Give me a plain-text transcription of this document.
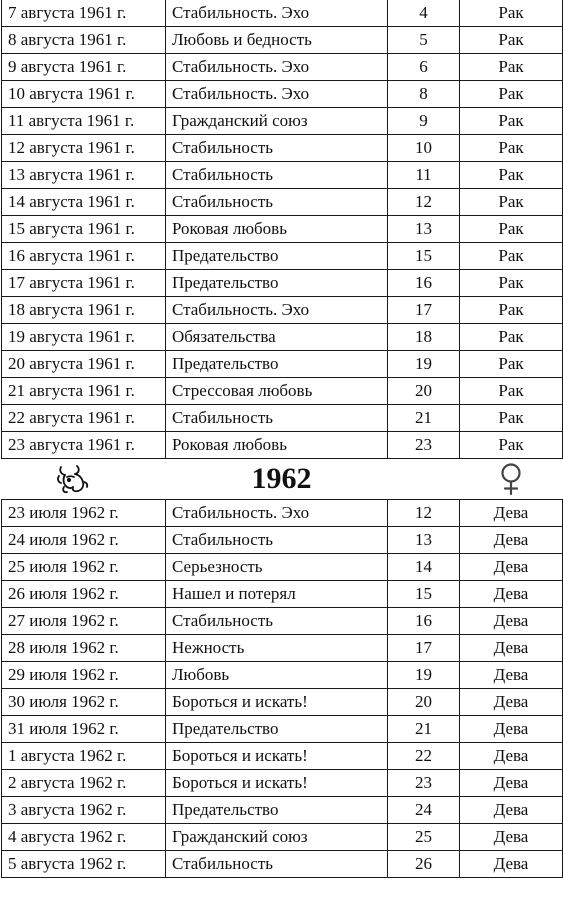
7 августа 1961 г.	Стабильность. Эхо	4	Рак
8 августа 1961 г.	Любовь и бедность	5	Рак
9 августа 1961 г.	Стабильность. Эхо	6	Рак
10 августа 1961 г.	Стабильность. Эхо	8	Рак
11 августа 1961 г.	Гражданский союз	9	Рак
12 августа 1961 г.	Стабильность	10	Рак
13 августа 1961 г.	Стабильность	11	Рак
14 августа 1961 г.	Стабильность	12	Рак
15 августа 1961 г.	Роковая любовь	13	Рак
16 августа 1961 г.	Предательство	15	Рак
17 августа 1961 г.	Предательство	16	Рак
18 августа 1961 г.	Стабильность. Эхо	17	Рак
19 августа 1961 г.	Обязательства	18	Рак
20 августа 1961 г.	Предательство	19	Рак
21 августа 1961 г.	Стрессовая любовь	20	Рак
22 августа 1961 г.	Стабильность	21	Рак
23 августа 1961 г.	Роковая любовь	23	Рак
1962
23 июля 1962 г.	Стабильность. Эхо	12	Дева
24 июля 1962 г.	Стабильность	13	Дева
25 июля 1962 г.	Серьезность	14	Дева
26 июля 1962 г.	Нашел и потерял	15	Дева
27 июля 1962 г.	Стабильность	16	Дева
28 июля 1962 г.	Нежность	17	Дева
29 июля 1962 г.	Любовь	19	Дева
30 июля 1962 г.	Бороться и искать!	20	Дева
31 июля 1962 г.	Предательство	21	Дева
1 августа 1962 г.	Бороться и искать!	22	Дева
2 августа 1962 г.	Бороться и искать!	23	Дева
3 августа 1962 г.	Предательство	24	Дева
4 августа 1962 г.	Гражданский союз	25	Дева
5 августа 1962 г.	Стабильность	26	Дева
